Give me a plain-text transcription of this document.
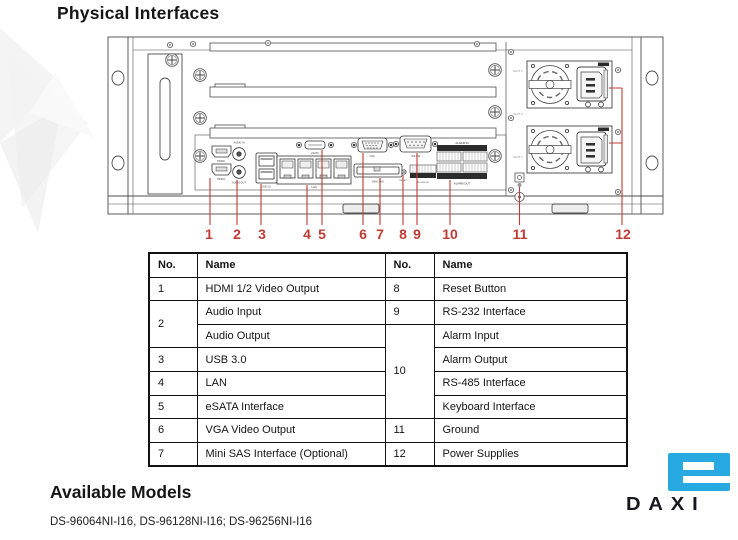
Physical Interfaces
SLOT 3
SLOT 2
SLOT 1
HDMI2
HDMI1
AUDIO IN
AUDIO OUT
USB 3.0	LAN
eSATA
VGA	RS-232
MINI SAS	RESET
ALARM IN
ALARM OUT
RS-485 KB
1 2 3	4 5 6 7 8 9 10	11	12
No.	Name	No.	Name
1	HDMI 1/2 Video Output	8	Reset Button
2	Audio Input	9	RS-232 Interface
	Audio Output	10	Alarm Input
3	USB 3.0		Alarm Output
4	LAN		RS-485 Interface
5	eSATA Interface		Keyboard Interface
6	VGA Video Output	11	Ground
7	Mini SAS Interface (Optional)	12	Power Supplies
Available Models
DS-96064NI-I16, DS-96128NI-I16; DS-96256NI-I16
DAXI
